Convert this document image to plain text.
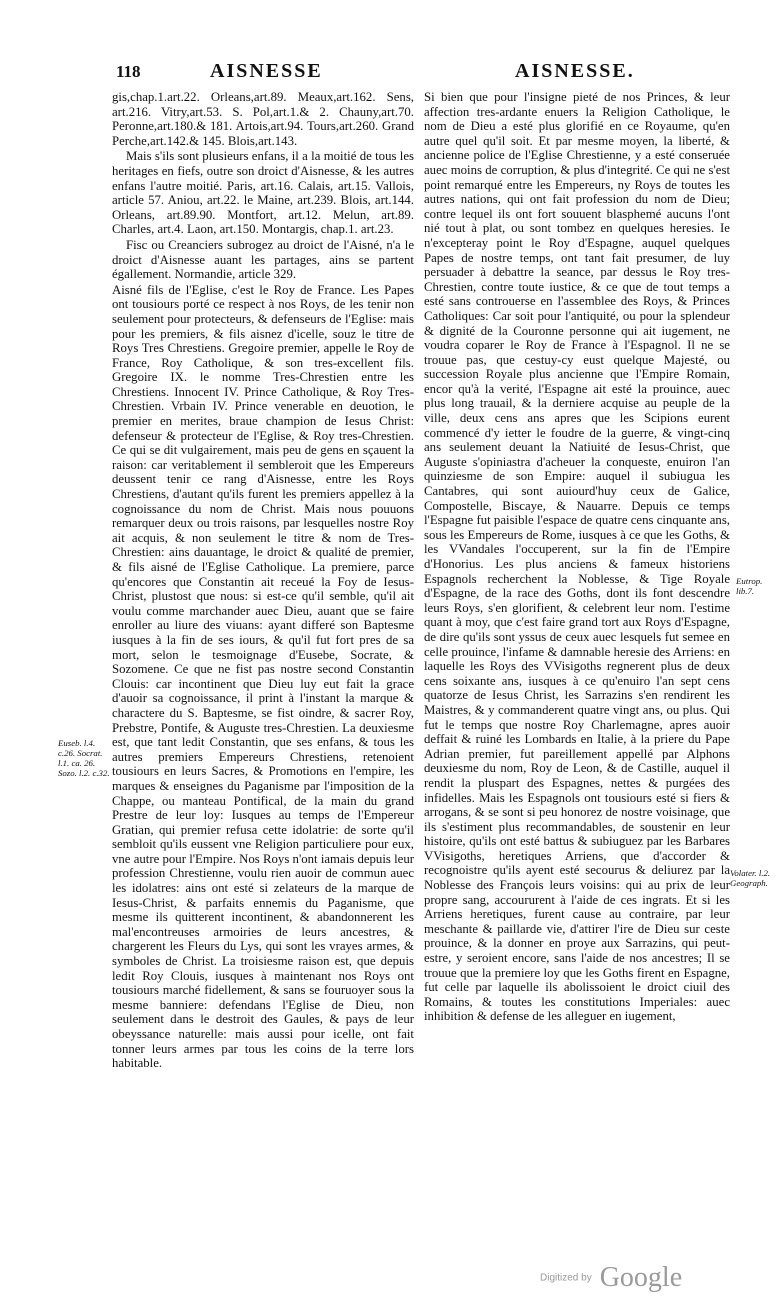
118	AISNESSE	AISNESSE.

gis,chap.1.art.22. Orleans,art.89. Meaux,art.162. Sens, art.216. Vitry,art.53. S. Pol,art.1.& 2. Chauny,art.70. Peronne,art.180.& 181. Artois,art.94. Tours,art.260. Grand Perche,art.142.& 145. Blois,art.143.

Mais s'ils sont plusieurs enfans, il a la moitié de tous les heritages en fiefs, outre son droict d'Aisnesse, & les autres enfans l'autre moitié. Paris, art.16. Calais, art.15. Vallois, article 57. Aniou, art.22. le Maine, art.239. Blois, art.144. Orleans, art.89.90. Montfort, art.12. Melun, art.89. Charles, art.4. Laon, art.150. Montargis, chap.1. art.23.

Fisc ou Creanciers subrogez au droict de l'Aisné, n'a le droict d'Aisnesse auant les partages, ains se partent égallement. Normandie, article 329.

Aisné fils de l'Eglise, c'est le Roy de France. Les Papes ont tousiours porté ce respect à nos Roys, de les tenir non seulement pour protecteurs, & defenseurs de l'Eglise: mais pour les premiers, & fils aisnez d'icelle, souz le titre de Roys Tres Chrestiens. Gregoire premier, appelle le Roy de France, Roy Catholique, & son tres-excellent fils. Gregoire IX. le nomme Tres-Chrestien entre les Chrestiens. Innocent IV. Prince Catholique, & Roy Tres-Chrestien. Vrbain IV. Prince venerable en deuotion, le premier en merites, braue champion de Iesus Christ: defenseur & protecteur de l'Eglise, & Roy tres-Chrestien. Ce qui se dit vulgairement, mais peu de gens en sçauent la raison: car veritablement il sembleroit que les Empereurs deussent tenir ce rang d'Aisnesse, entre les Roys Chrestiens, d'autant qu'ils furent les premiers appellez à la cognoissance du nom de Christ. Mais nous pouuons remarquer deux ou trois raisons, par lesquelles nostre Roy ait acquis, & non seulement le titre & nom de Tres-Chrestien: ains dauantage, le droict & qualité de premier, & fils aisné de l'Eglise Catholique. La premiere, parce qu'encores que Constantin ait receué la Foy de Iesus-Christ, plustost que nous: si est-ce qu'il semble, qu'il ait voulu comme marchander auec Dieu, auant que se faire enroller au liure des viuans: ayant differé son Baptesme iusques à la fin de ses iours, & qu'il fut fort pres de sa mort, selon le tesmoignage d'Eusebe, Socrate, & Sozomene. Ce que ne fist pas nostre second Constantin Clouis: car incontinent que Dieu luy eut fait la grace d'auoir sa cognoissance, il print à l'instant la marque & charactere du S. Baptesme, se fist oindre, & sacrer Roy, Prebstre, Pontife, & Auguste tres-Chrestien. La deuxiesme est, que tant ledit Constantin, que ses enfans, & tous les autres premiers Empereurs Chrestiens, retenoient tousiours en leurs Sacres, & Promotions en l'empire, les marques & enseignes du Paganisme par l'imposition de la Chappe, ou manteau Pontifical, de la main du grand Prestre de leur loy: Iusques au temps de l'Empereur Gratian, qui premier refusa cette idolatrie: de sorte qu'il sembloit qu'ils eussent vne Religion particuliere pour eux, vne autre pour l'Empire. Nos Roys n'ont iamais depuis leur profession Chrestienne, voulu rien auoir de commun auec les idolatres: ains ont esté si zelateurs de la marque de Iesus-Christ, & parfaits ennemis du Paganisme, que mesme ils quitterent incontinent, & abandonnerent les mal'encontreuses armoiries de leurs ancestres, & chargerent les Fleurs du Lys, qui sont les vrayes armes, & symboles de Christ. La troisiesme raison est, que depuis ledit Roy Clouis, iusques à maintenant nos Roys ont tousiours marché fidellement, & sans se fouruoyer sous la mesme banniere: defendans l'Eglise de Dieu, non seulement dans le destroit des Gaules, & pays de leur obeyssance naturelle: mais aussi pour icelle, ont fait tonner leurs armes par tous les coins de la terre lors habitable.

Si bien que pour l'insigne pieté de nos Princes, & leur affection tres-ardante enuers la Religion Catholique, le nom de Dieu a esté plus glorifié en ce Royaume, qu'en autre quel qu'il soit. Et par mesme moyen, la liberté, & ancienne police de l'Eglise Chrestienne, y a esté conseruée auec moins de corruption, & plus d'integrité. Ce qui ne s'est point remarqué entre les Empereurs, ny Roys de toutes les autres nations, qui ont fait profession du nom de Dieu; contre lequel ils ont fort souuent blasphemé aucuns l'ont nié tout à plat, ou sont tombez en quelques heresies. Ie n'excepteray point le Roy d'Espagne, auquel quelques Papes de nostre temps, ont tant fait presumer, de luy persuader à debattre la seance, par dessus le Roy tres-Chrestien, contre toute iustice, & ce que de tout temps a esté sans controuerse en l'assemblee des Roys, & Princes Catholiques: Car soit pour l'antiquité, ou pour la splendeur & dignité de la Couronne personne qui ait iugement, ne voudra coparer le Roy de France à l'Espagnol. Il ne se trouue pas, que cestuy-cy eust quelque Majesté, ou succession Royale plus ancienne que l'Empire Romain, encor qu'à la verité, l'Espagne ait esté la prouince, auec plus long trauail, & la derniere acquise au peuple de la ville, deux cens ans apres que les Scipions eurent commencé d'y ietter le foudre de la guerre, & vingt-cinq ans seulement deuant la Natiuité de Iesus-Christ, que Auguste s'opiniastra d'acheuer la conqueste, enuiron l'an quinziesme de son Empire: auquel il subiugua les Cantabres, qui sont auiourd'huy ceux de Galice, Compostelle, Biscaye, & Nauarre. Depuis ce temps l'Espagne fut paisible l'espace de quatre cens cinquante ans, sous les Empereurs de Rome, iusques à ce que les Goths, & les VVandales l'occuperent, sur la fin de l'Empire d'Honorius. Les plus anciens & fameux historiens Espagnols recherchent la Noblesse, & Tige Royale d'Espagne, de la race des Goths, dont ils font descendre leurs Roys, s'en glorifient, & celebrent leur nom. I'estime quant à moy, que c'est faire grand tort aux Roys d'Espagne, de dire qu'ils sont yssus de ceux auec lesquels fut semee en celle prouince, l'infame & damnable heresie des Arriens: en laquelle les Roys des VVisigoths regnerent plus de deux cens soixante ans, iusques à ce qu'enuiro l'an sept cens quatorze de Iesus Christ, les Sarrazins s'en rendirent les Maistres, & y commanderent quatre vingt ans, ou plus. Qui fut le temps que nostre Roy Charlemagne, apres auoir deffait & ruiné les Lombards en Italie, à la priere du Pape Adrian premier, fut pareillement appellé par Alphons deuxiesme du nom, Roy de Leon, & de Castille, auquel il rendit la pluspart des Espagnes, nettes & purgées des infidelles. Mais les Espagnols ont tousiours esté si fiers & arrogans, & se sont si peu honorez de nostre voisinage, que ils s'estiment plus recommandables, de soustenir en leur histoire, qu'ils ont esté battus & subiuguez par les Barbares VVisigoths, heretiques Arriens, que d'accorder & recognoistre qu'ils ayent esté secourus & deliurez par la Noblesse des François leurs voisins: qui au prix de leur propre sang, accoururent à l'aide de ces ingrats. Et si les Arriens heretiques, furent cause au contraire, par leur meschante & paillarde vie, d'attirer l'ire de Dieu sur ceste prouince, & la donner en proye aux Sarrazins, qui peut-estre, y seroient encore, sans l'aide de nos ancestres; Il se trouue que la premiere loy que les Goths firent en Espagne, fut celle par laquelle ils abolissoient le droict ciuil des Romains, & toutes les constitutions Imperiales: auec inhibition & defense de les alleguer en iugement,

Euseb. l.4. c.26. Socrat. l.1. ca. 26. Sozo. l.2. c.32.
Eutrop. lib.7.
Volater. l.2. Geograph.
Digitized by Google
